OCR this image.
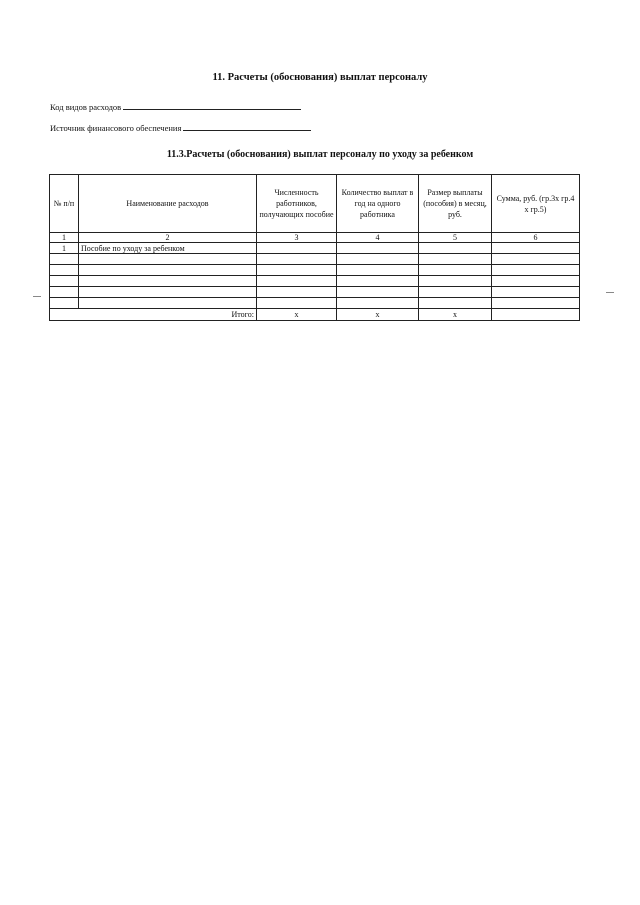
11. Расчеты (обоснования) выплат персоналу
Код видов расходов
Источник финансового обеспечения
11.3.Расчеты (обоснования) выплат персоналу по уходу за ребенком
№ п/п	Наименование расходов	Численность работников, получающих пособие	Количество выплат в год на одного работника	Размер выплаты (пособия) в месяц, руб.	Сумма, руб. (гр.3х гр.4 х гр.5)
1	2	3	4	5	6
1	Пособие по уходу за ребенком				

Итого:		x	x	x	
